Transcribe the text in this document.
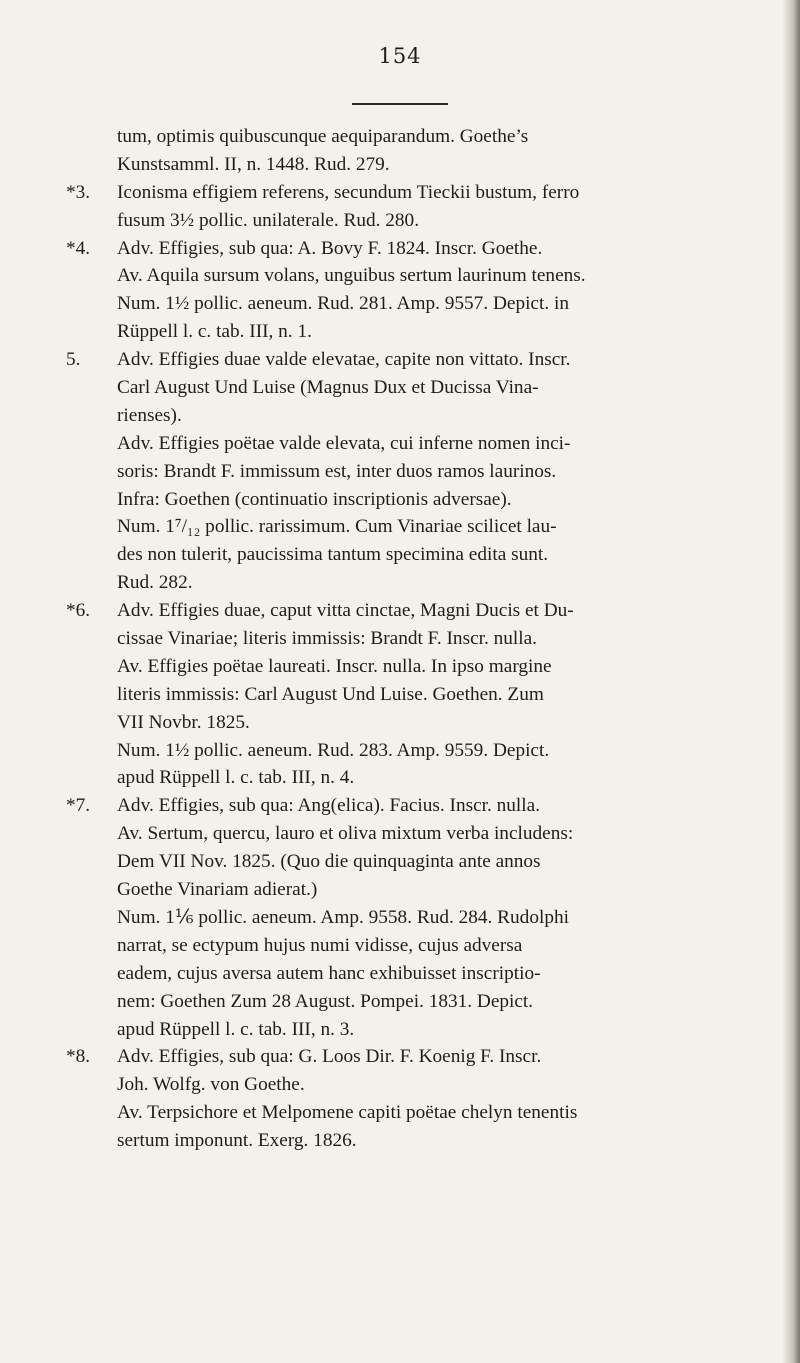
154
tum, optimis quibuscunque aequiparandum. Goethe’s
Kunstsamml. II, n. 1448. Rud. 279.
*3.	Iconisma effigiem referens, secundum Tieckii bustum, ferro
fusum 3½ pollic. unilaterale. Rud. 280.
*4.	Adv. Effigies, sub qua: A. Bovy F. 1824. Inscr. Goethe.
Av. Aquila sursum volans, unguibus sertum laurinum tenens.
Num. 1½ pollic. aeneum. Rud. 281. Amp. 9557. Depict. in
Rüppell l. c. tab. III, n. 1.
5.	Adv. Effigies duae valde elevatae, capite non vittato. Inscr.
Carl August Und Luise (Magnus Dux et Ducissa Vina-
rienses).
Adv. Effigies poëtae valde elevata, cui inferne nomen inci-
soris: Brandt F. immissum est, inter duos ramos laurinos.
Infra: Goethen (continuatio inscriptionis adversae).
Num. 1⁷/₁₂ pollic. rarissimum. Cum Vinariae scilicet lau-
des non tulerit, paucissima tantum specimina edita sunt.
Rud. 282.
*6.	Adv. Effigies duae, caput vitta cinctae, Magni Ducis et Du-
cissae Vinariae; literis immissis: Brandt F. Inscr. nulla.
Av. Effigies poëtae laureati. Inscr. nulla. In ipso margine
literis immissis: Carl August Und Luise. Goethen. Zum
VII Novbr. 1825.
Num. 1½ pollic. aeneum. Rud. 283. Amp. 9559. Depict.
apud Rüppell l. c. tab. III, n. 4.
*7.	Adv. Effigies, sub qua: Ang(elica). Facius. Inscr. nulla.
Av. Sertum, quercu, lauro et oliva mixtum verba includens:
Dem VII Nov. 1825. (Quo die quinquaginta ante annos
Goethe Vinariam adierat.)
Num. 1⅙ pollic. aeneum. Amp. 9558. Rud. 284. Rudolphi
narrat, se ectypum hujus numi vidisse, cujus adversa
eadem, cujus aversa autem hanc exhibuisset inscriptio-
nem: Goethen Zum 28 August. Pompei. 1831. Depict.
apud Rüppell l. c. tab. III, n. 3.
*8.	Adv. Effigies, sub qua: G. Loos Dir. F. Koenig F. Inscr.
Joh. Wolfg. von Goethe.
Av. Terpsichore et Melpomene capiti poëtae chelyn tenentis
sertum imponunt. Exerg. 1826.
